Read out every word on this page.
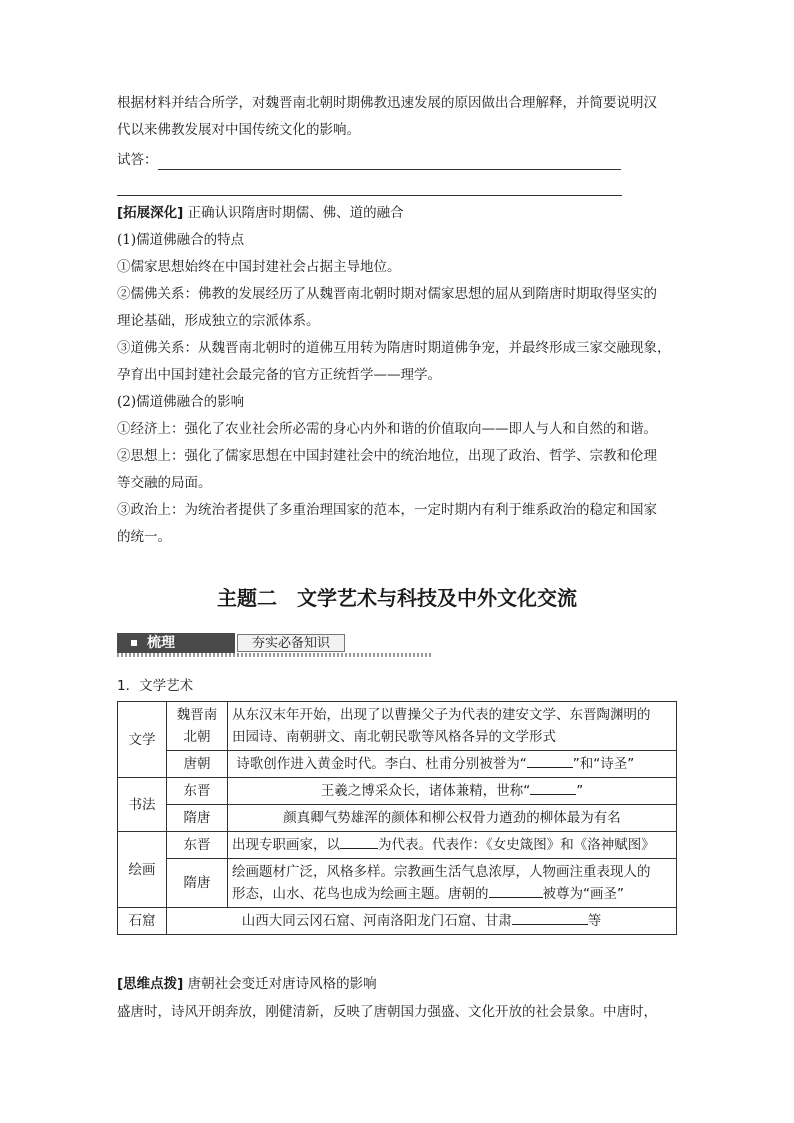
根据材料并结合所学，对魏晋南北朝时期佛教迅速发展的原因做出合理解释，并简要说明汉
代以来佛教发展对中国传统文化的影响。
试答：
[拓展深化] 正确认识隋唐时期儒、佛、道的融合
(1)儒道佛融合的特点
①儒家思想始终在中国封建社会占据主导地位。
②儒佛关系：佛教的发展经历了从魏晋南北朝时期对儒家思想的屈从到隋唐时期取得坚实的
理论基础，形成独立的宗派体系。
③道佛关系：从魏晋南北朝时的道佛互用转为隋唐时期道佛争宠，并最终形成三家交融现象，
孕育出中国封建社会最完备的官方正统哲学——理学。
(2)儒道佛融合的影响
①经济上：强化了农业社会所必需的身心内外和谐的价值取向——即人与人和自然的和谐。
②思想上：强化了儒家思想在中国封建社会中的统治地位，出现了政治、哲学、宗教和伦理
等交融的局面。
③政治上：为统治者提供了多重治理国家的范本，一定时期内有利于维系政治的稳定和国家
的统一。
主题二　文学艺术与科技及中外文化交流
梳理	夯实必备知识
1．文学艺术
文学	魏晋南北朝	从东汉末年开始，出现了以曹操父子为代表的建安文学、东晋陶渊明的
田园诗、南朝骈文、南北朝民歌等风格各异的文学形式
	唐朝	诗歌创作进入黄金时代。李白、杜甫分别被誉为“ ”和“诗圣”
书法	东晋	王羲之博采众长，诸体兼精，世称“ ”
	隋唐	颜真卿气势雄浑的颜体和柳公权骨力遒劲的柳体最为有名
绘画	东晋	出现专职画家，以 为代表。代表作：《女史箴图》和《洛神赋图》
	隋唐	绘画题材广泛，风格多样。宗教画生活气息浓厚，人物画注重表现人的
形态，山水、花鸟也成为绘画主题。唐朝的 被尊为“画圣”
石窟	山西大同云冈石窟、河南洛阳龙门石窟、甘肃 等	
[思维点拨] 唐朝社会变迁对唐诗风格的影响
盛唐时，诗风开朗奔放，刚健清新，反映了唐朝国力强盛、文化开放的社会景象。中唐时，
